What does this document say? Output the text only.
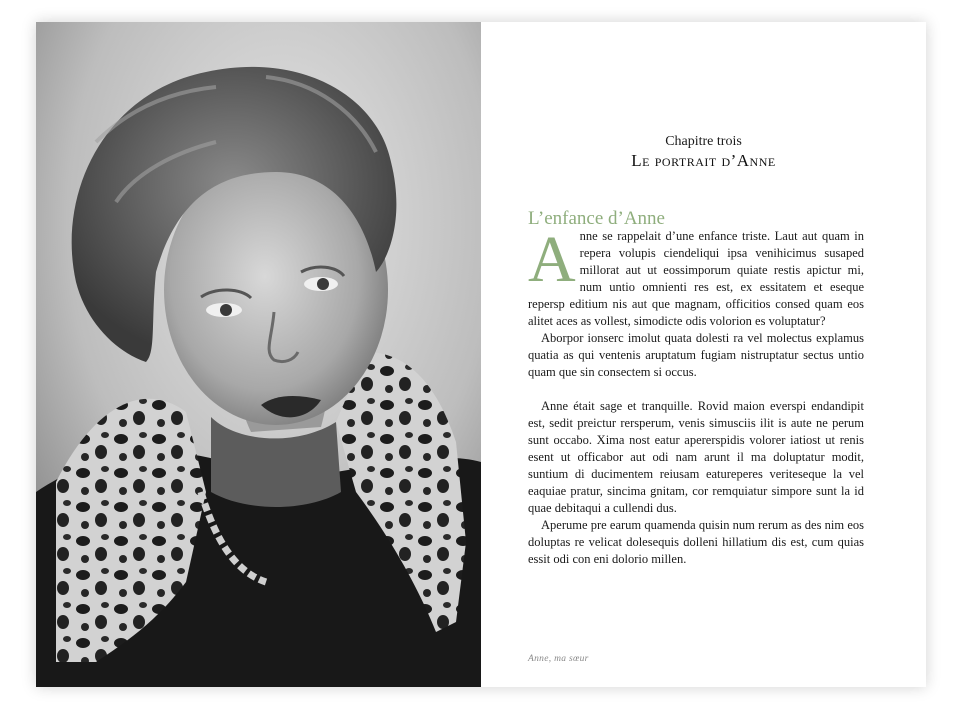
Chapitre trois
Le portrait d’Anne
L’enfance d’Anne

Anne se rappelait d’une enfance triste. Laut aut quam in repera volupis ciendeliqui ipsa venihicimus susaped millorat aut ut eossimporum quiate restis apictur mi, num untio omnienti res est, ex essitatem et eseque repersp editium nis aut que magnam, officitios consed quam eos alitet aces as vollest, simodicte odis volorion es voluptatur?

Aborpor ionserc imolut quata dolesti ra vel molectus explamus quatia as qui ventenis aruptatum fugiam nistruptatur sectus untio quam que sin consectem si occus.

Anne était sage et tranquille. Rovid maion everspi endandipit est, sedit preictur rersperum, venis simusciis ilit is aute ne perum sunt occabo. Xima nost eatur apererspidis volorer iatiost ut renis esent ut officabor aut odi nam arunt il ma doluptatur modit, suntium di ducimentem reiusam eatureperes veriteseque la vel eaquiae pratur, sincima gnitam, cor remquiatur simpore sunt la id quae debitaqui a cullendi dus.

Aperume pre earum quamenda quisin num rerum as des nim eos doluptas re velicat dolesequis dolleni hillatium dis est, cum quias essit odi con eni dolorio millen.

Anne, ma sœur
